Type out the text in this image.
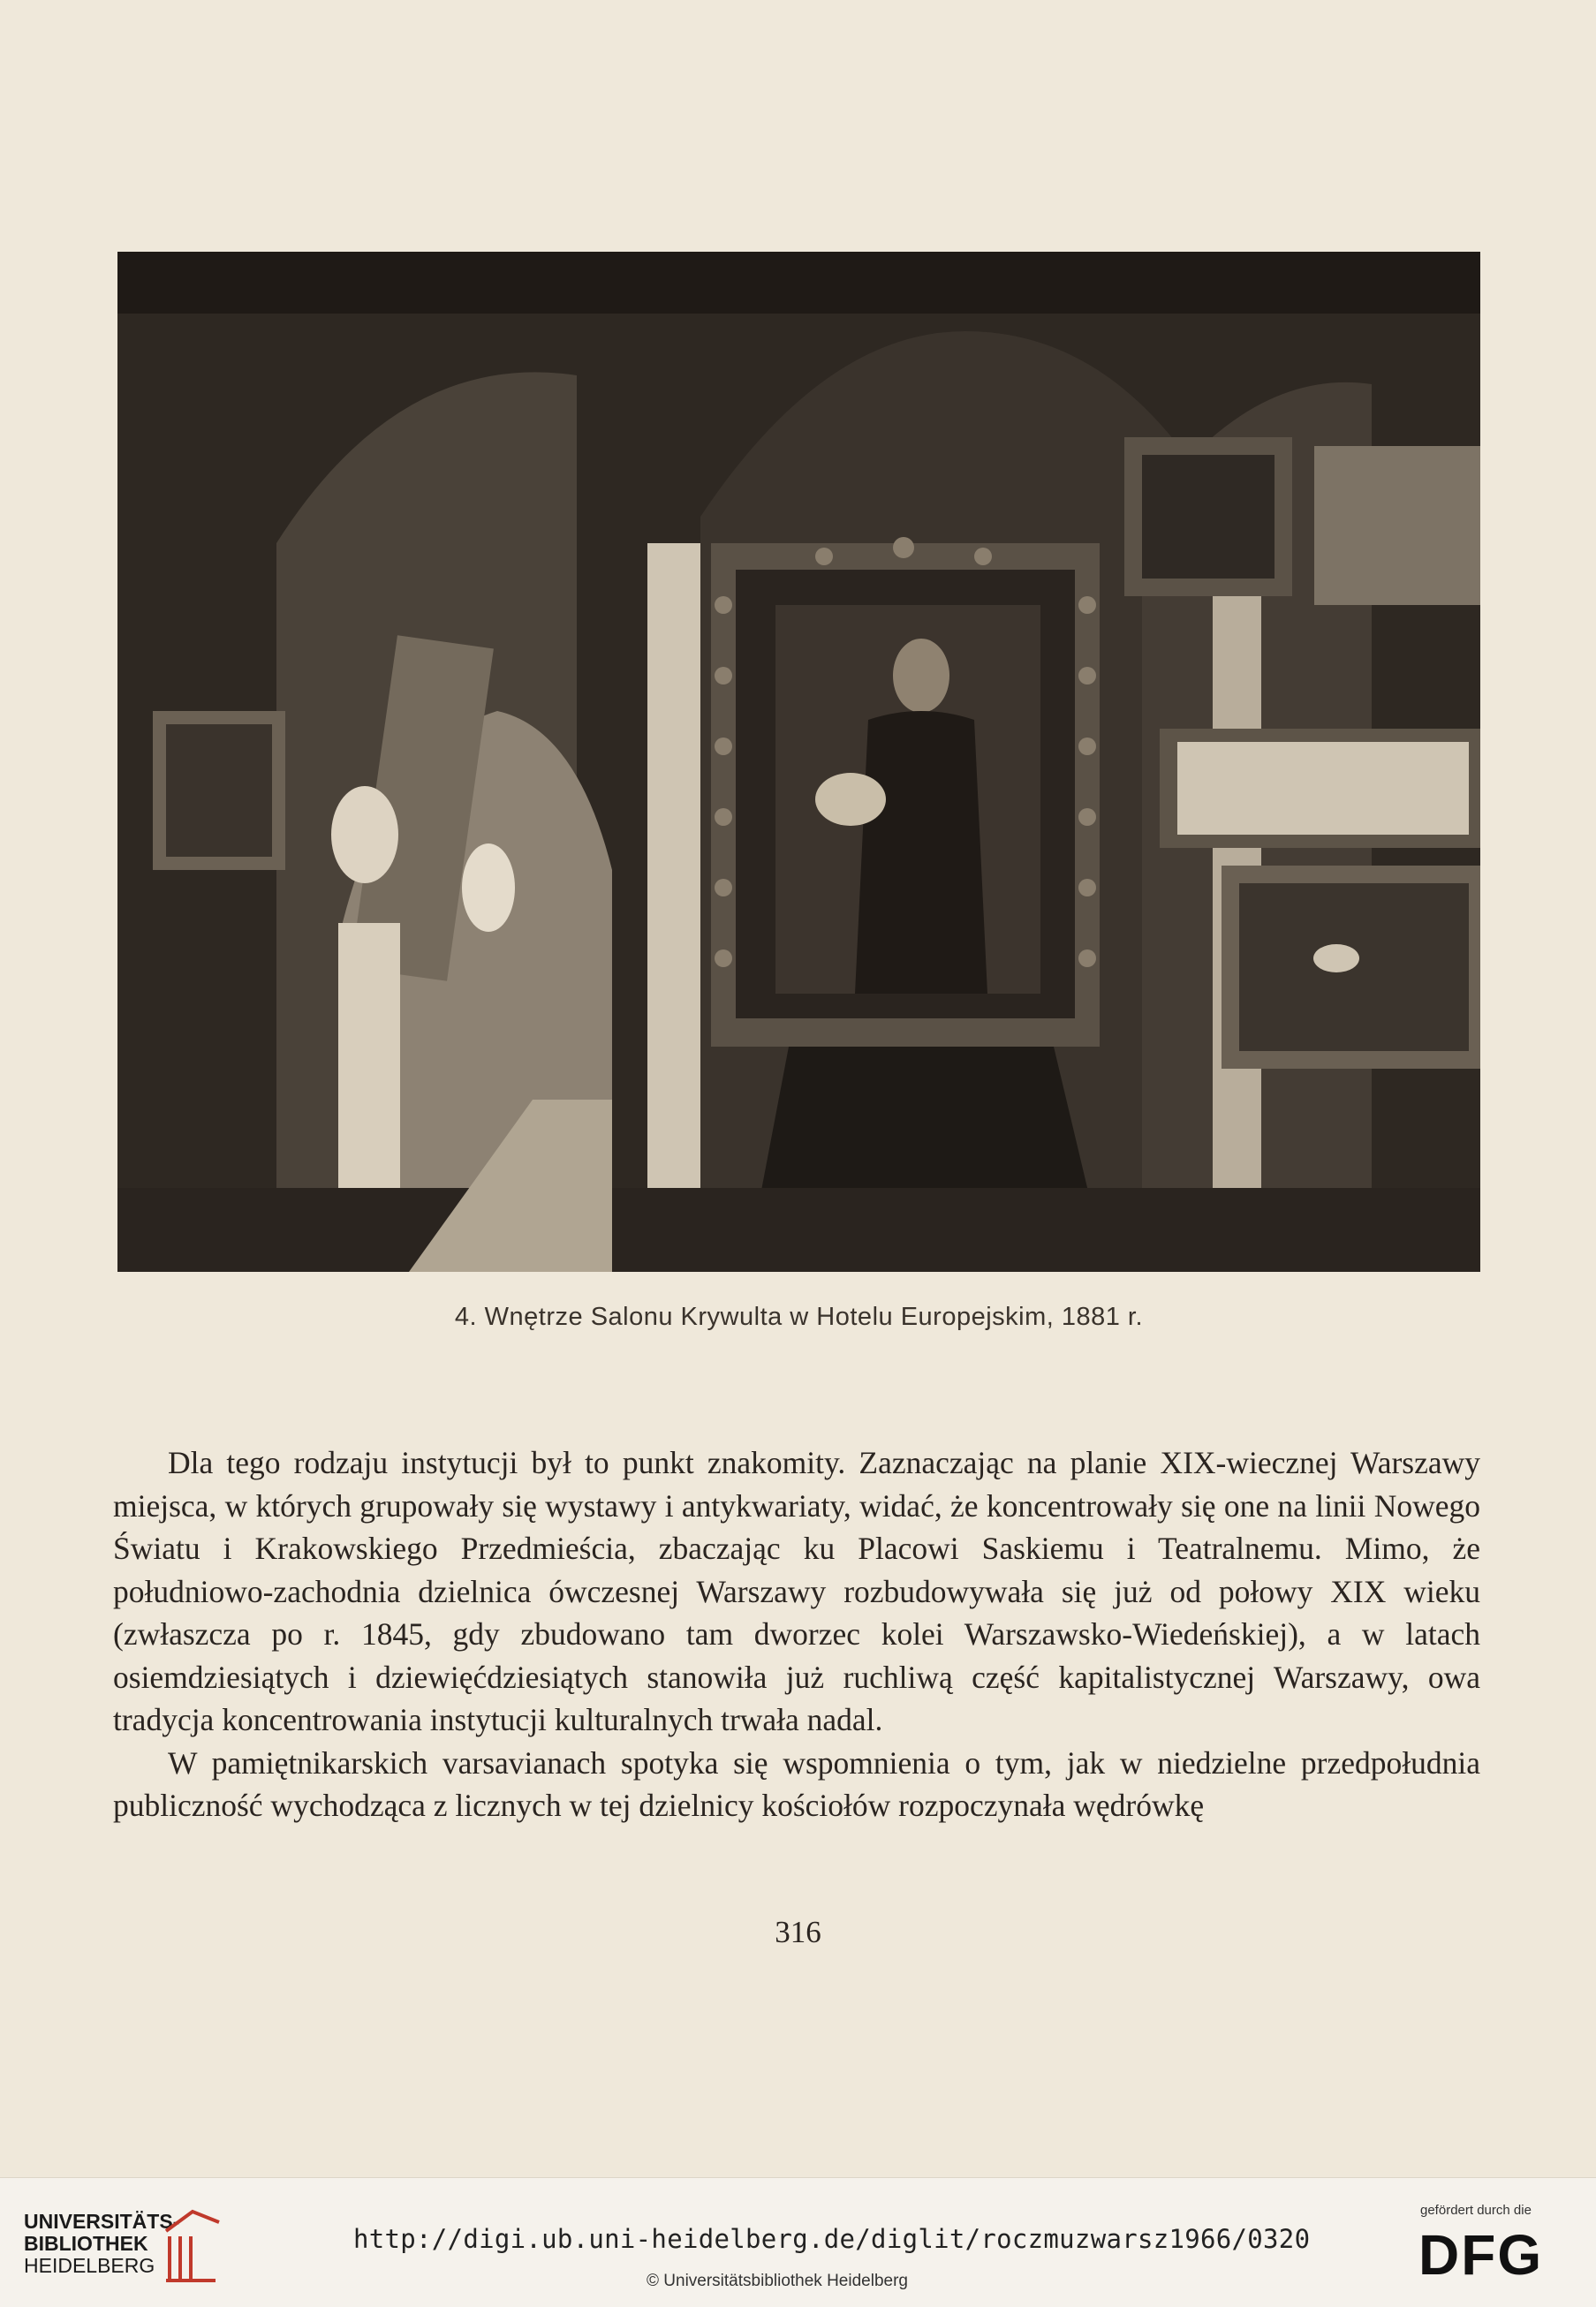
4. Wnętrze Salonu Krywulta w Hotelu Europejskim, 1881 r.

Dla tego rodzaju instytucji był to punkt znakomity. Zaznaczając na planie XIX-wiecznej Warszawy miejsca, w których grupowały się wystawy i antykwariaty, widać, że koncentrowały się one na linii Nowego Światu i Krakowskiego Przedmieścia, zbaczając ku Placowi Saskiemu i Teatralnemu. Mimo, że południowo-zachodnia dzielnica ówczesnej Warszawy rozbudowywała się już od połowy XIX wieku (zwłaszcza po r. 1845, gdy zbudowano tam dworzec kolei Warszawsko-Wiedeńskiej), a w latach osiemdziesiątych i dziewięćdziesiątych stanowiła już ruchliwą część kapitalistycznej Warszawy, owa tradycja koncentrowania instytucji kulturalnych trwała nadal.

W pamiętnikarskich varsavianach spotyka się wspomnienia o tym, jak w niedzielne przedpołudnia publiczność wychodząca z licznych w tej dzielnicy kościołów rozpoczynała wędrówkę

316
UNIVERSITÄTS-
BIBLIOTHEK
HEIDELBERG
http://digi.ub.uni-heidelberg.de/diglit/roczmuzwarsz1966/0320
© Universitätsbibliothek Heidelberg
gefördert durch die
DFG
